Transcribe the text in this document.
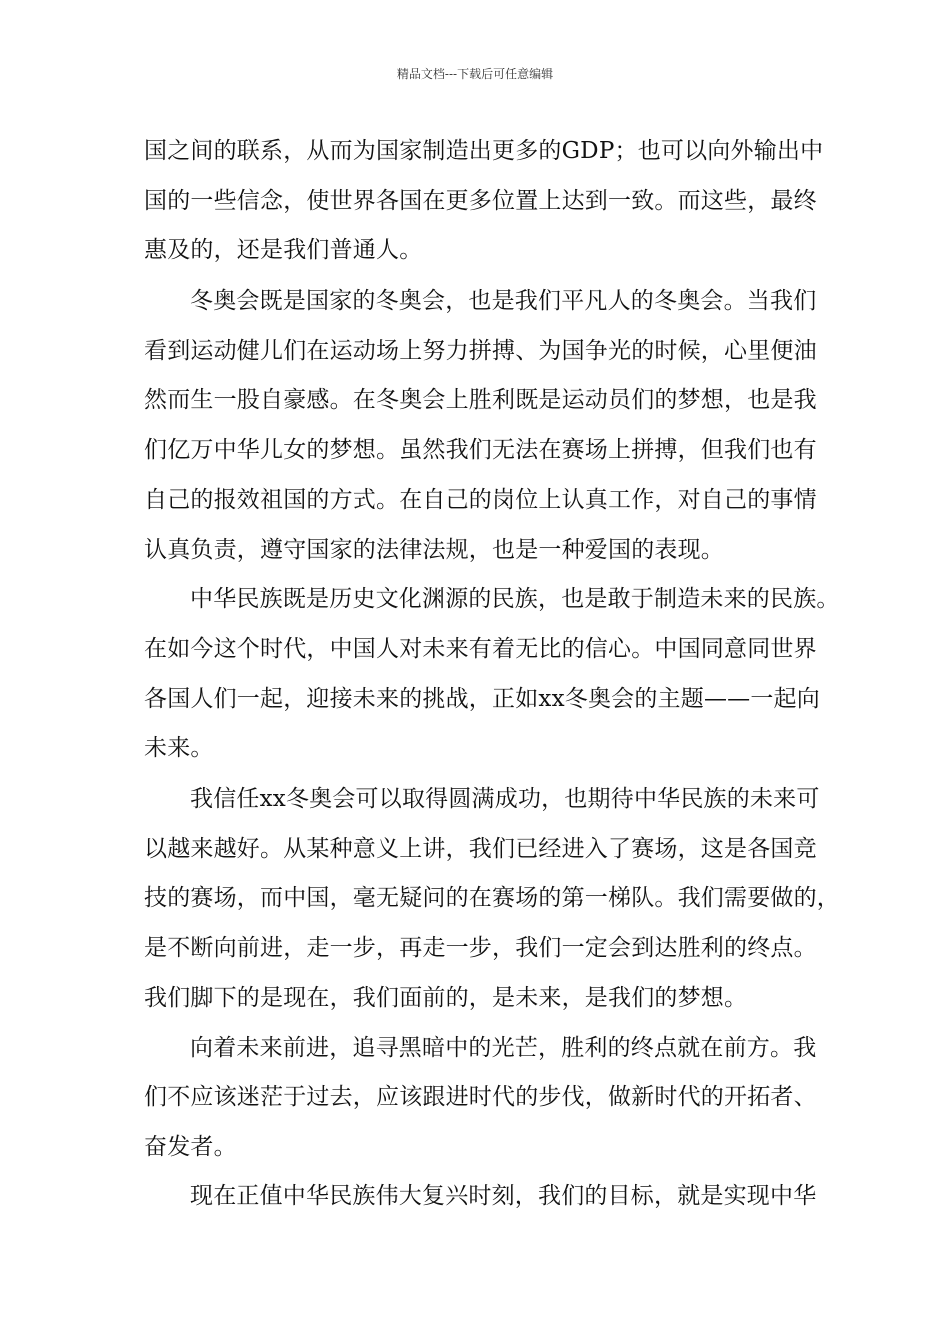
精品文档---下载后可任意编辑
国之间的联系，从而为国家制造出更多的GDP；也可以向外输出中
国的一些信念，使世界各国在更多位置上达到一致。而这些，最终
惠及的，还是我们普通人。
冬奥会既是国家的冬奥会，也是我们平凡人的冬奥会。当我们
看到运动健儿们在运动场上努力拼搏、为国争光的时候，心里便油
然而生一股自豪感。在冬奥会上胜利既是运动员们的梦想，也是我
们亿万中华儿女的梦想。虽然我们无法在赛场上拼搏，但我们也有
自己的报效祖国的方式。在自己的岗位上认真工作，对自己的事情
认真负责，遵守国家的法律法规，也是一种爱国的表现。
中华民族既是历史文化渊源的民族，也是敢于制造未来的民族。
在如今这个时代，中国人对未来有着无比的信心。中国同意同世界
各国人们一起，迎接未来的挑战，正如xx冬奥会的主题——一起向
未来。
我信任xx冬奥会可以取得圆满成功，也期待中华民族的未来可
以越来越好。从某种意义上讲，我们已经进入了赛场，这是各国竞
技的赛场，而中国，毫无疑问的在赛场的第一梯队。我们需要做的，
是不断向前进，走一步，再走一步，我们一定会到达胜利的终点。
我们脚下的是现在，我们面前的，是未来，是我们的梦想。
向着未来前进，追寻黑暗中的光芒，胜利的终点就在前方。我
们不应该迷茫于过去，应该跟进时代的步伐，做新时代的开拓者、
奋发者。
现在正值中华民族伟大复兴时刻，我们的目标，就是实现中华
